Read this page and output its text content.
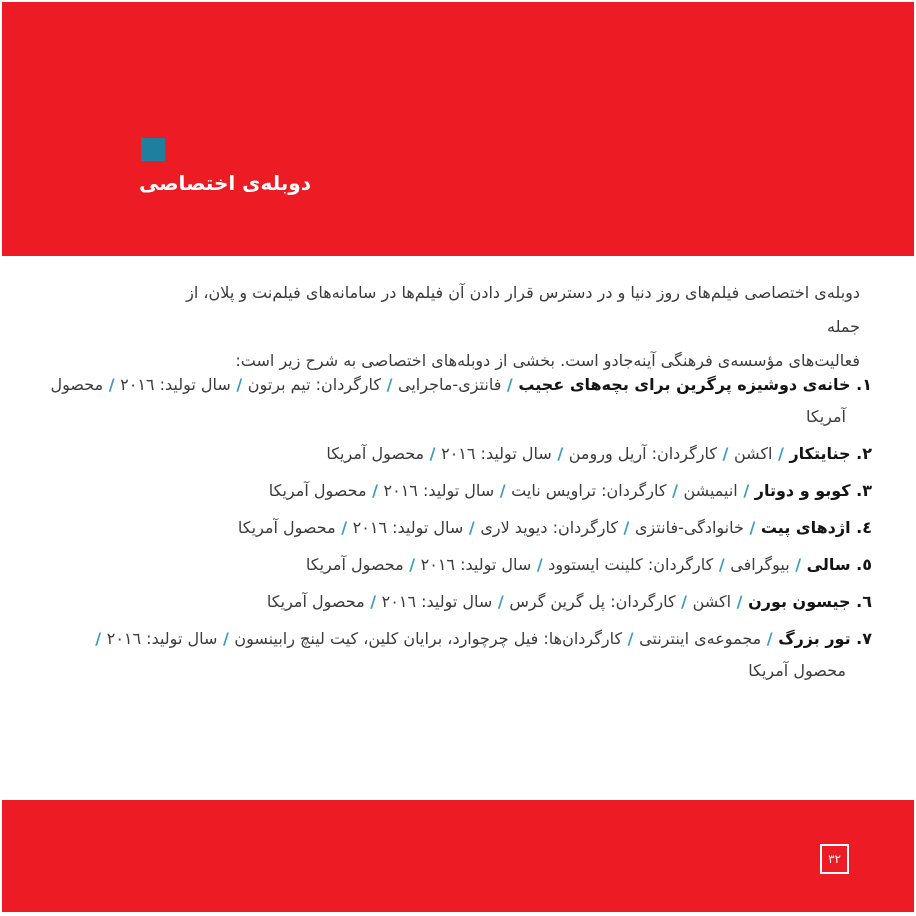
دوبله‌ی اختصاصی
دوبله‌ی اختصاصی فیلم‌های روز دنیا و در دسترس قرار دادن آن فیلم‌ها در سامانه‌های فیلم‌نت و پلان، از جمله
فعالیت‌های مؤسسه‌ی فرهنگی آینه‌جادو است. بخشی از دوبله‌های اختصاصی به شرح زیر است:
١. خانه‌ی دوشیزه پرگرین برای بچه‌های عجیب / فانتزی-ماجرایی / کارگردان: تیم برتون / سال تولید: ٢٠١٦ / محصول آمریکا
٢. جنایتکار / اکشن / کارگردان: آریل ورومن / سال تولید: ٢٠١٦ / محصول آمریکا
٣. کوبو و دوتار / انیمیشن / کارگردان: تراویس نایت / سال تولید: ٢٠١٦ / محصول آمریکا
٤. اژدهای پیت / خانوادگی-فانتزی / کارگردان: دیوید لاری / سال تولید: ٢٠١٦ / محصول آمریکا
٥. سالی / بیوگرافی / کارگردان: کلینت ایستوود / سال تولید: ٢٠١٦ / محصول آمریکا
٦. جیسون بورن / اکشن / کارگردان: پل گرین گرس / سال تولید: ٢٠١٦ / محصول آمریکا
٧. تور بزرگ / مجموعه‌ی اینترنتی / کارگردان‌ها: فیل چرچوارد، برایان کلین، کیت لینچ رابینسون / سال تولید: ٢٠١٦ / محصول آمریکا
٣٢
